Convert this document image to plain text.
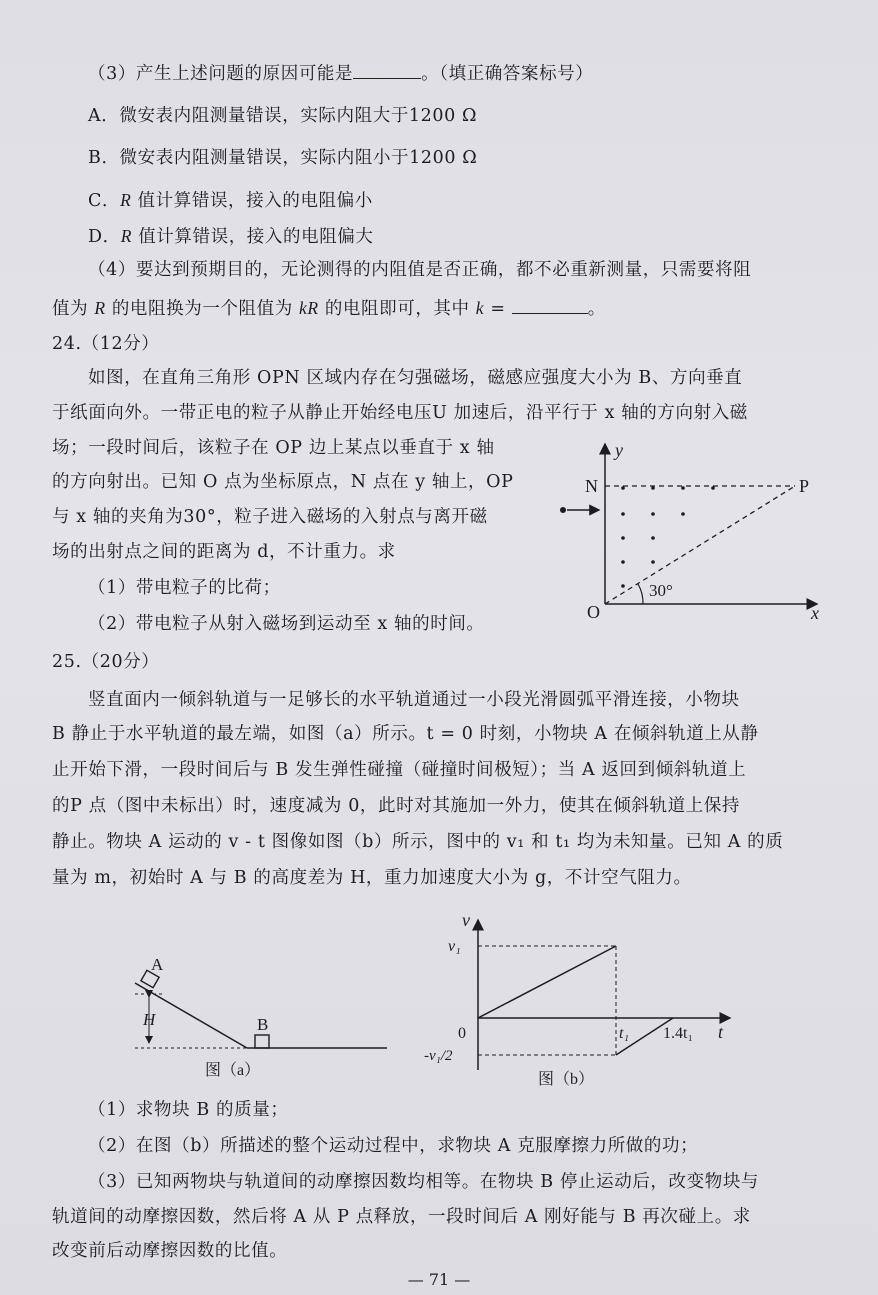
（3）产生上述问题的原因可能是	。（填正确答案标号）
A．微安表内阻测量错误，实际内阻大于1200 Ω
B．微安表内阻测量错误，实际内阻小于1200 Ω
C．R 值计算错误，接入的电阻偏小
D．R 值计算错误，接入的电阻偏大
（4）要达到预期目的，无论测得的内阻值是否正确，都不必重新测量，只需要将阻
值为 R 的电阻换为一个阻值为 kR 的电阻即可，其中 k =	。
24.（12分）
如图，在直角三角形 OPN 区域内存在匀强磁场，磁感应强度大小为 B、方向垂直
于纸面向外。一带正电的粒子从静止开始经电压U 加速后，沿平行于 x 轴的方向射入磁
场；一段时间后，该粒子在 OP 边上某点以垂直于 x 轴
的方向射出。已知 O 点为坐标原点，N 点在 y 轴上，OP
与 x 轴的夹角为30°，粒子进入磁场的入射点与离开磁
场的出射点之间的距离为 d，不计重力。求
（1）带电粒子的比荷；
（2）带电粒子从射入磁场到运动至 x 轴的时间。
30°
y
x
N	P
O
25.（20分）
竖直面内一倾斜轨道与一足够长的水平轨道通过一小段光滑圆弧平滑连接，小物块
B 静止于水平轨道的最左端，如图（a）所示。t = 0 时刻，小物块 A 在倾斜轨道上从静
止开始下滑，一段时间后与 B 发生弹性碰撞（碰撞时间极短）；当 A 返回到倾斜轨道上
的P 点（图中未标出）时，速度减为 0，此时对其施加一外力，使其在倾斜轨道上保持
静止。物块 A 运动的 v - t 图像如图（b）所示，图中的 v₁ 和 t₁ 均为未知量。已知 A 的质
量为 m，初始时 A 与 B 的高度差为 H，重力加速度大小为 g，不计空气阻力。
H
A
B
图（a）
v
v₁
0	t₁ 1.4t₁ t
-v₁/2
图（b）
（1）求物块 B 的质量；
（2）在图（b）所描述的整个运动过程中，求物块 A 克服摩擦力所做的功；
（3）已知两物块与轨道间的动摩擦因数均相等。在物块 B 停止运动后，改变物块与
轨道间的动摩擦因数，然后将 A 从 P 点释放，一段时间后 A 刚好能与 B 再次碰上。求
改变前后动摩擦因数的比值。
— 71 —
